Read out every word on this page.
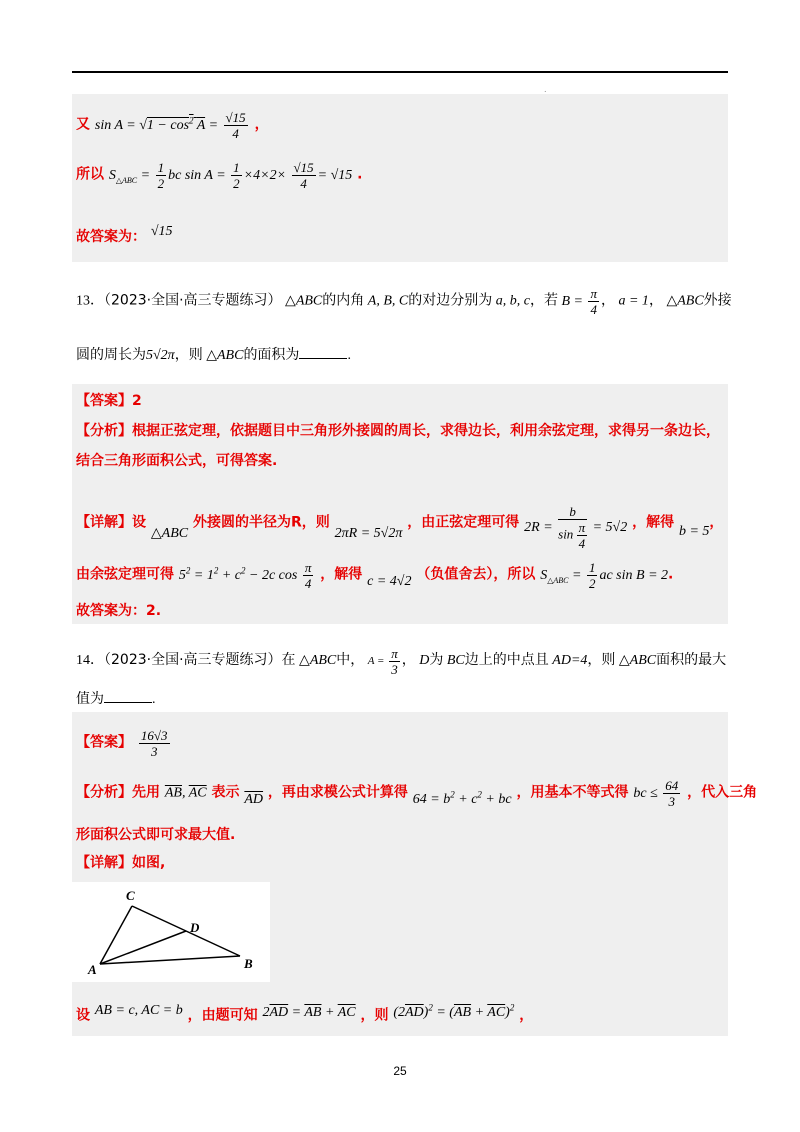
.
又 $\sin A = √1 - \cos^2 A = \frac{√15}{4}$ ，
所以 $S_{\triangle ABC} = \frac{1}{2}$ bc $\sin A = \frac{1}{2} \times 4\times 2\times \frac{√15}{4} = √15$ .
故答案为： √15
13．（2023·全国·高三专题练习） △ABC的内角 A, B, C的对边分别为 a, b, c，若 $B = \frac{\pi}{4}$ ， a = 1， △ABC外接
圆的周长为5√2π，则 △ABC的面积为	.
【答案】2
【分析】根据正弦定理，依据题目中三角形外接圆的周长，求得边长，利用余弦定理，求得另一条边长，
结合三角形面积公式，可得答案.
【详解】设 △ABC 外接圆的半径为R，则 2πR = 5√2π ，由正弦定理可得 $2R = \frac{b}{\sin \frac{\pi}{4}} = 5√2$ ，解得 b = 5，
由余弦定理可得 $5^2 = 1^2 + c^2 - 2c$ $\cos \frac{\pi}{4}$ ，解得 c = 4√2 （负值舍去），所以 $S_{\triangle ABC} = \frac{1}{2}$ ac sin B = 2.
故答案为：2.
14．（2023·全国·高三专题练习）在 △ABC中， $A = \frac{\pi}{3}$ ， D为 BC边上的中点且 AD=4，则 △ABC面积的最大
值为	.
【答案】 $\frac{16√3}{3}$
【分析】先用 $\overline{AB}$, $\overline{AC}$ 表示 $\overline{AD}$ ，再由求模公式计算得 $64 = b^2 + c^2$ + bc ，用基本不等式得 bc ≤ $\frac{64}{3}$ ，代入三角
形面积公式即可求最大值.
【详解】如图,
A
C
D
B
设 AB = c, AC = b ，由题可知 $2\overline{AD} = \overline{AB} + \overline{AC}$ ，则 $(2\overline{AD})^2 = (\overline{AB} + \overline{AC})^2$ ，
25
